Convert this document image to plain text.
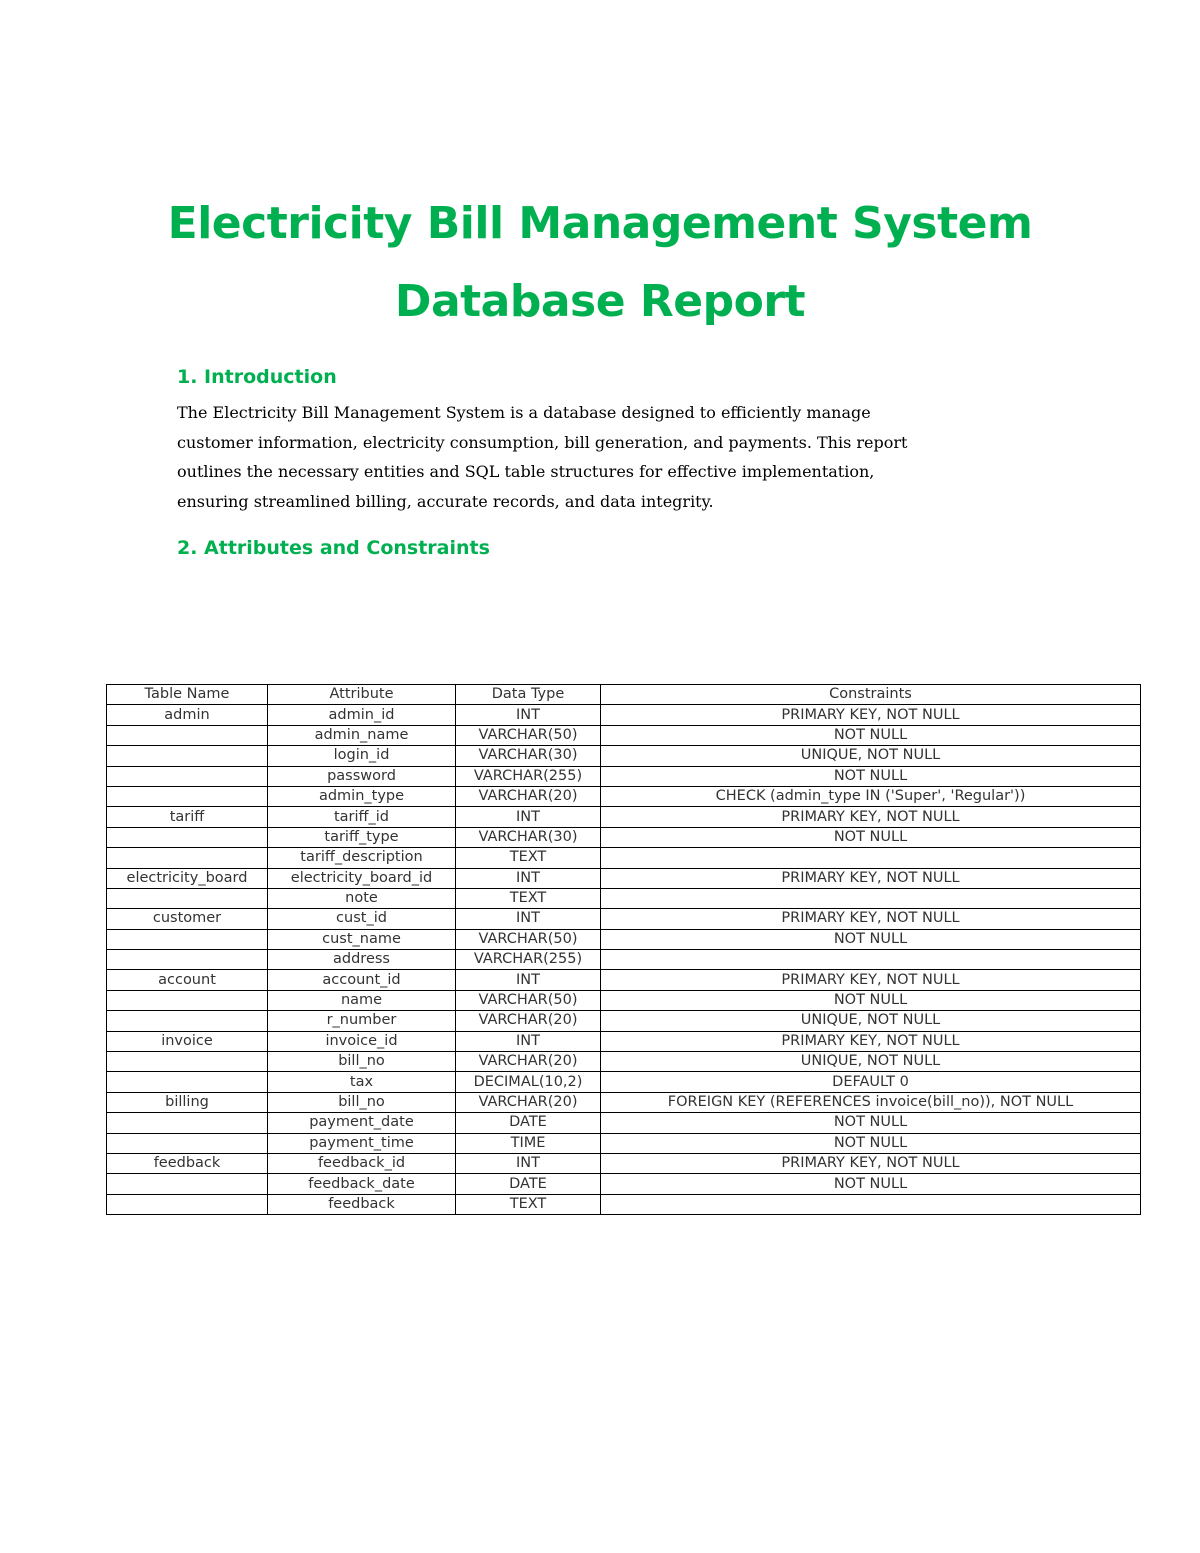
Electricity Bill Management System
Database Report
1. Introduction

The Electricity Bill Management System is a database designed to efficiently manage
customer information, electricity consumption, bill generation, and payments. This report
outlines the necessary entities and SQL table structures for effective implementation,
ensuring streamlined billing, accurate records, and data integrity.

2. Attributes and Constraints
Table Name	Attribute	Data Type	Constraints
admin	admin_id	INT	PRIMARY KEY, NOT NULL
	admin_name	VARCHAR(50)	NOT NULL
	login_id	VARCHAR(30)	UNIQUE, NOT NULL
	password	VARCHAR(255)	NOT NULL
	admin_type	VARCHAR(20)	CHECK (admin_type IN ('Super', 'Regular'))
tariff	tariff_id	INT	PRIMARY KEY, NOT NULL
	tariff_type	VARCHAR(30)	NOT NULL
	tariff_description	TEXT	
electricity_board	electricity_board_id	INT	PRIMARY KEY, NOT NULL
	note	TEXT	
customer	cust_id	INT	PRIMARY KEY, NOT NULL
	cust_name	VARCHAR(50)	NOT NULL
	address	VARCHAR(255)	
account	account_id	INT	PRIMARY KEY, NOT NULL
	name	VARCHAR(50)	NOT NULL
	r_number	VARCHAR(20)	UNIQUE, NOT NULL
invoice	invoice_id	INT	PRIMARY KEY, NOT NULL
	bill_no	VARCHAR(20)	UNIQUE, NOT NULL
	tax	DECIMAL(10,2)	DEFAULT 0
billing	bill_no	VARCHAR(20)	FOREIGN KEY (REFERENCES invoice(bill_no)), NOT NULL
	payment_date	DATE	NOT NULL
	payment_time	TIME	NOT NULL
feedback	feedback_id	INT	PRIMARY KEY, NOT NULL
	feedback_date	DATE	NOT NULL
	feedback	TEXT	
